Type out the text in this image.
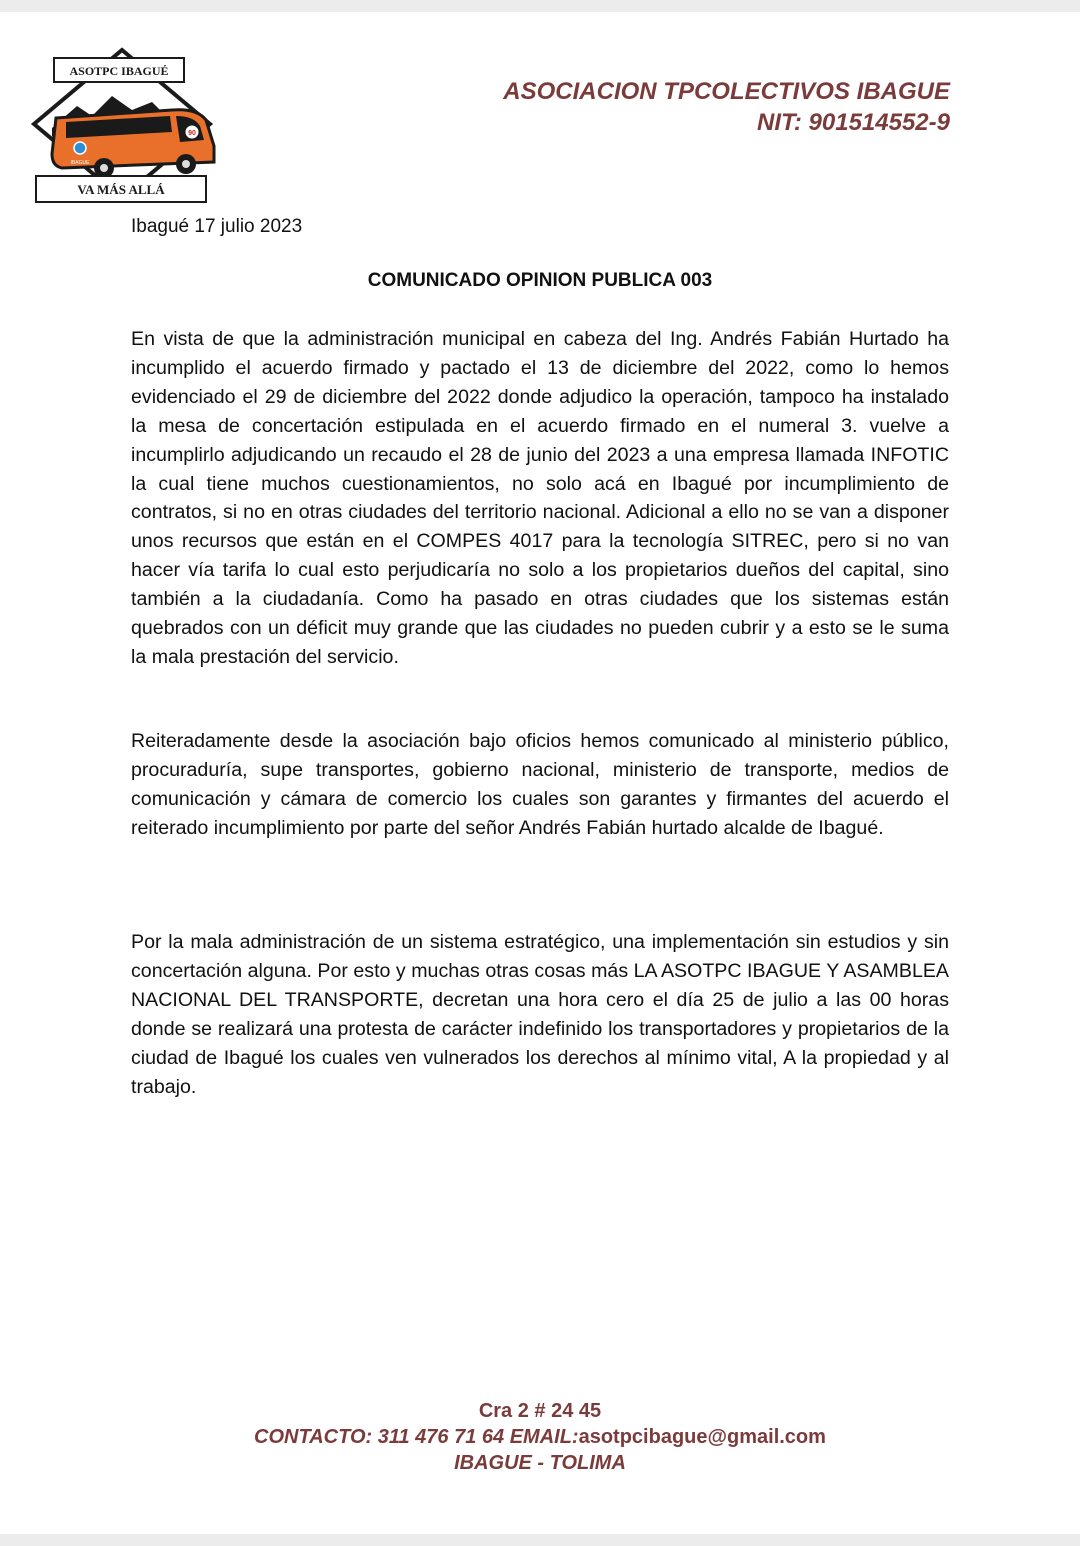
ASOTPC IBAGUÉ
IBAGUE
90
VA MÁS ALLÁ
ASOCIACION TPCOLECTIVOS IBAGUE
NIT: 901514552-9
Ibagué 17 julio 2023
COMUNICADO OPINION PUBLICA 003

En vista de que la administración municipal en cabeza del Ing. Andrés Fabián Hurtado ha incumplido el acuerdo firmado y pactado el 13 de diciembre del 2022, como lo hemos evidenciado el 29 de diciembre del 2022 donde adjudico la operación, tampoco ha instalado la mesa de concertación estipulada en el acuerdo firmado en el numeral 3. vuelve a incumplirlo adjudicando un recaudo el 28 de junio del 2023 a una empresa llamada INFOTIC la cual tiene muchos cuestionamientos, no solo acá en Ibagué por incumplimiento de contratos, si no en otras ciudades del territorio nacional. Adicional a ello no se van a disponer unos recursos que están en el COMPES 4017 para la tecnología SITREC, pero si no van hacer vía tarifa lo cual esto perjudicaría no solo a los propietarios dueños del capital, sino también a la ciudadanía. Como ha pasado en otras ciudades que los sistemas están quebrados con un déficit muy grande que las ciudades no pueden cubrir y a esto se le suma la mala prestación del servicio.

Reiteradamente desde la asociación bajo oficios hemos comunicado al ministerio público, procuraduría, supe transportes, gobierno nacional, ministerio de transporte, medios de comunicación y cámara de comercio los cuales son garantes y firmantes del acuerdo el reiterado incumplimiento por parte del señor Andrés Fabián hurtado alcalde de Ibagué.

Por la mala administración de un sistema estratégico, una implementación sin estudios y sin concertación alguna. Por esto y muchas otras cosas más LA ASOTPC IBAGUE Y ASAMBLEA NACIONAL DEL TRANSPORTE, decretan una hora cero el día 25 de julio a las 00 horas donde se realizará una protesta de carácter indefinido los transportadores y propietarios de la ciudad de Ibagué los cuales ven vulnerados los derechos al mínimo vital, A la propiedad y al trabajo.

Cra 2 # 24 45
CONTACTO: 311 476 71 64 EMAIL:asotpcibague@gmail.com
IBAGUE - TOLIMA
